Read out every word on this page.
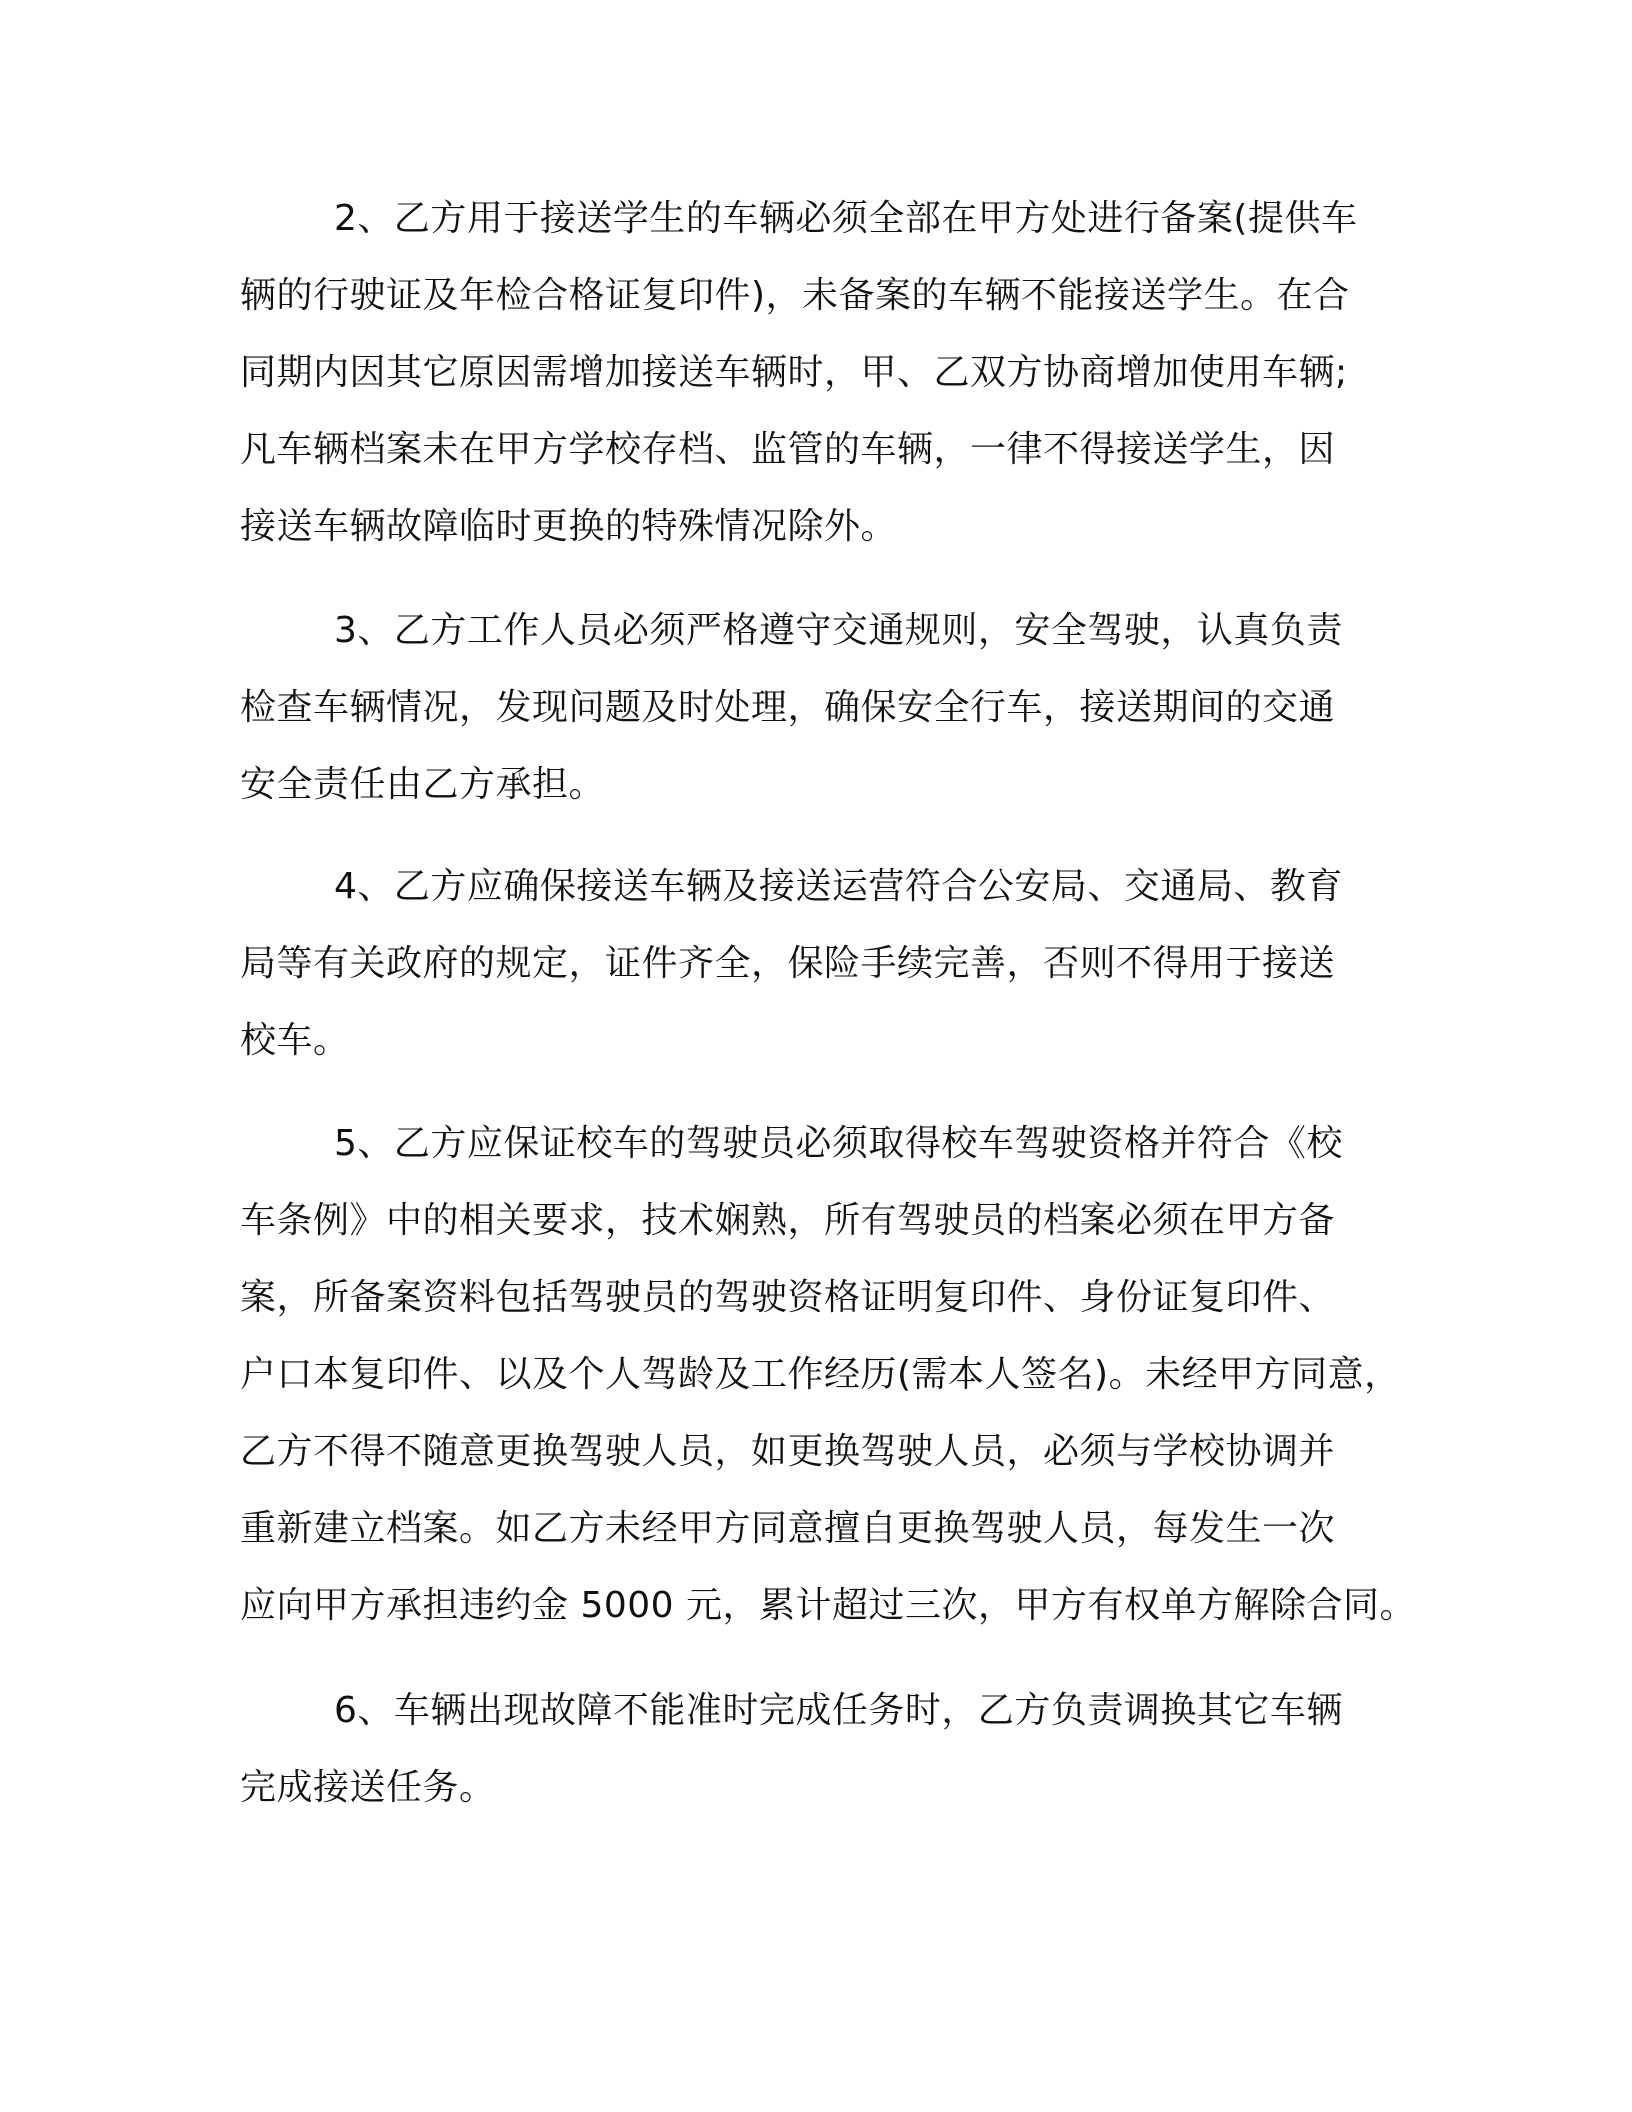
2、乙方用于接送学生的车辆必须全部在甲方处进行备案(提供车
辆的行驶证及年检合格证复印件)，未备案的车辆不能接送学生。在合
同期内因其它原因需增加接送车辆时，甲、乙双方协商增加使用车辆;
凡车辆档案未在甲方学校存档、监管的车辆，一律不得接送学生，因
接送车辆故障临时更换的特殊情况除外。
3、乙方工作人员必须严格遵守交通规则，安全驾驶，认真负责
检查车辆情况，发现问题及时处理，确保安全行车，接送期间的交通
安全责任由乙方承担。
4、乙方应确保接送车辆及接送运营符合公安局、交通局、教育
局等有关政府的规定，证件齐全，保险手续完善，否则不得用于接送
校车。
5、乙方应保证校车的驾驶员必须取得校车驾驶资格并符合《校
车条例》中的相关要求，技术娴熟，所有驾驶员的档案必须在甲方备
案，所备案资料包括驾驶员的驾驶资格证明复印件、身份证复印件、
户口本复印件、以及个人驾龄及工作经历(需本人签名)。未经甲方同意，
乙方不得不随意更换驾驶人员，如更换驾驶人员，必须与学校协调并
重新建立档案。如乙方未经甲方同意擅自更换驾驶人员，每发生一次
应向甲方承担违约金 5000 元，累计超过三次，甲方有权单方解除合同。
6、车辆出现故障不能准时完成任务时，乙方负责调换其它车辆
完成接送任务。
